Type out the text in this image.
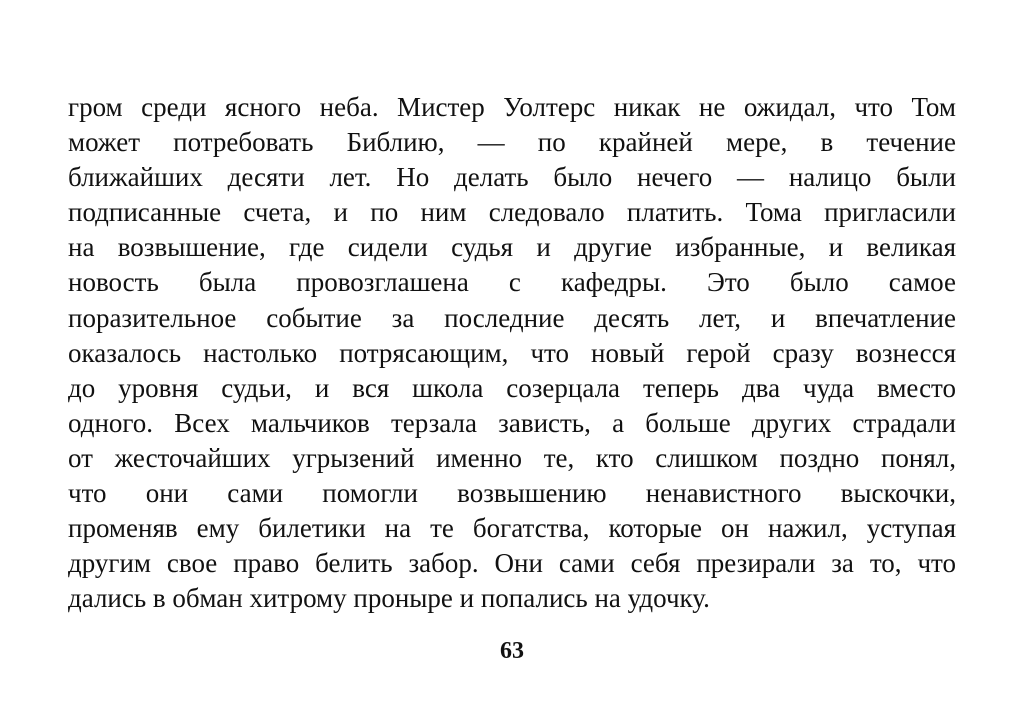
гром среди ясного неба. Мистер Уолтерс никак не ожидал, что Том
может потребовать Библию, — по крайней мере, в течение
ближайших десяти лет. Но делать было нечего — налицо были
подписанные счета, и по ним следовало платить. Тома пригласили
на возвышение, где сидели судья и другие избранные, и великая
новость была провозглашена с кафедры. Это было самое
поразительное событие за последние десять лет, и впечатление
оказалось настолько потрясающим, что новый герой сразу вознесся
до уровня судьи, и вся школа созерцала теперь два чуда вместо
одного. Всех мальчиков терзала зависть, а больше других страдали
от жесточайших угрызений именно те, кто слишком поздно понял,
что они сами помогли возвышению ненавистного выскочки,
променяв ему билетики на те богатства, которые он нажил, уступая
другим свое право белить забор. Они сами себя презирали за то, что
дались в обман хитрому проныре и попались на удочку.
63
